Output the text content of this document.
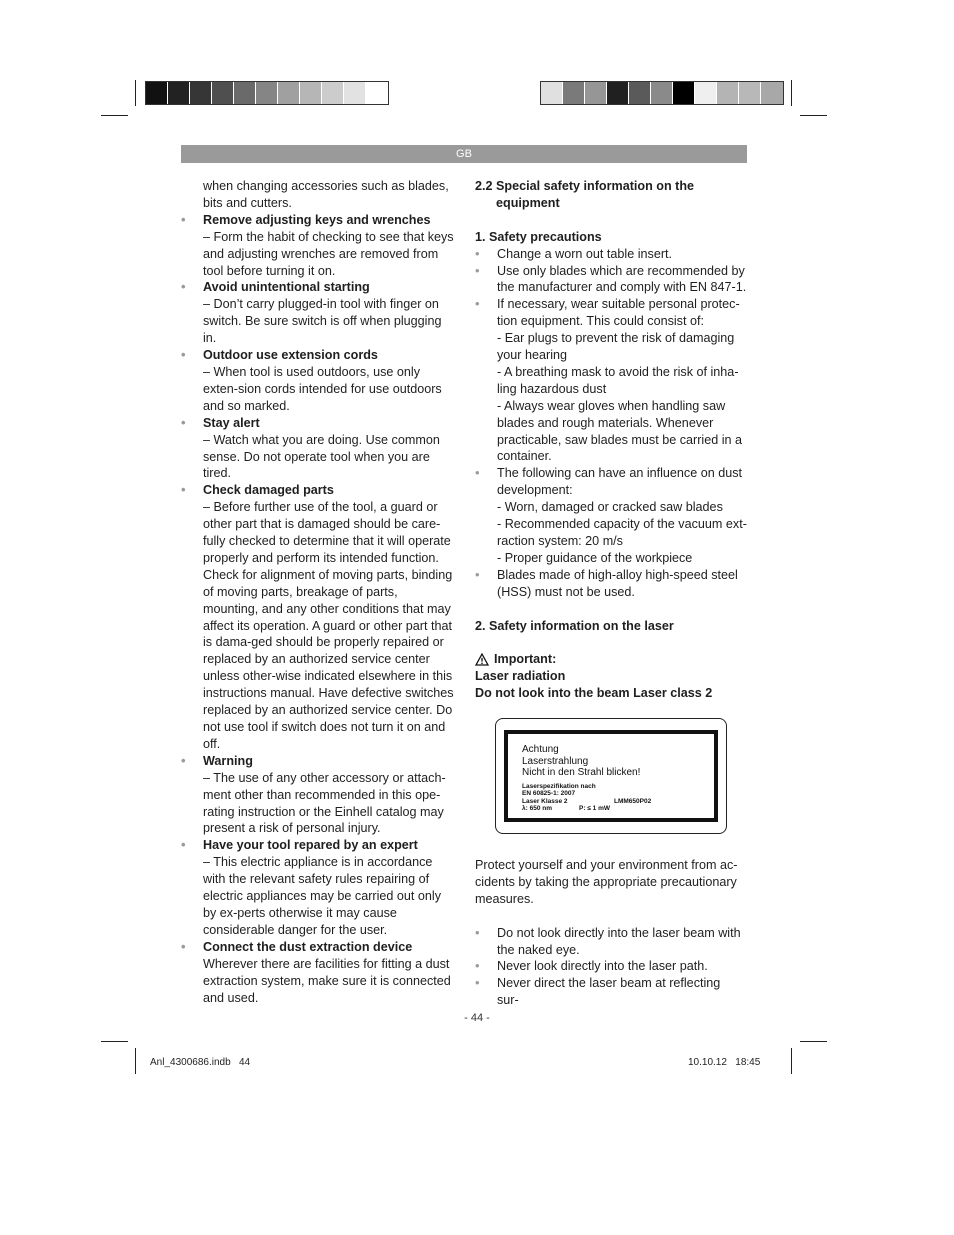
GB

when changing accessories such as blades, bits and cutters.

• Remove adjusting keys and wrenches

– Form the habit of checking to see that keys and adjusting wrenches are removed from tool before turning it on.

• Avoid unintentional starting

– Don’t carry plugged-in tool with finger on switch. Be sure switch is off when plugging in.

• Outdoor use extension cords

– When tool is used outdoors, use only exten-sion cords intended for use outdoors and so marked.

• Stay alert

– Watch what you are doing. Use common sense. Do not operate tool when you are tired.

• Check damaged parts

– Before further use of the tool, a guard or other part that is damaged should be care-fully checked to determine that it will operate properly and perform its intended function. Check for alignment of moving parts, binding of moving parts, breakage of parts, mounting, and any other conditions that may affect its operation. A guard or other part that is dama-ged should be properly repaired or replaced by an authorized service center unless other-wise indicated elsewhere in this instructions manual. Have defective switches replaced by an authorized service center. Do not use tool if switch does not turn it on and off.

• Warning

– The use of any other accessory or attach-ment other than recommended in this ope-rating instruction or the Einhell catalog may present a risk of personal injury.

• Have your tool repared by an expert

– This electric appliance is in accordance with the relevant safety rules repairing of electric appliances may be carried out only by ex-perts otherwise it may cause considerable danger for the user.

• Connect the dust extraction device

Wherever there are facilities for fitting a dust extraction system, make sure it is connected and used.

2.2 Special safety information on the equipment

1. Safety precautions

• Change a worn out table insert.

• Use only blades which are recommended by the manufacturer and comply with EN 847-1.

• If necessary, wear suitable personal protec-tion equipment. This could consist of:

- Ear plugs to prevent the risk of damaging your hearing

- A breathing mask to avoid the risk of inha-ling hazardous dust

- Always wear gloves when handling saw blades and rough materials. Whenever practicable, saw blades must be carried in a container.

• The following can have an influence on dust development:

- Worn, damaged or cracked saw blades

- Recommended capacity of the vacuum ext-raction system: 20 m/s

- Proper guidance of the workpiece

• Blades made of high-alloy high-speed steel (HSS) must not be used.

2. Safety information on the laser

Important:

Laser radiation

Do not look into the beam Laser class 2

Achtung
Laserstrahlung
Nicht in den Strahl blicken!
Laserspezifikation nach
EN 60825-1: 2007
Laser Klasse 2	LMM650P02
λ: 650 nm	P: ≤ 1 mW

Protect yourself and your environment from ac-cidents by taking the appropriate precautionary measures.

• Do not look directly into the laser beam with the naked eye.

• Never look directly into the laser path.

• Never direct the laser beam at reflecting sur-

- 44 -
Anl_4300686.indb   44	10.10.12   18:45
